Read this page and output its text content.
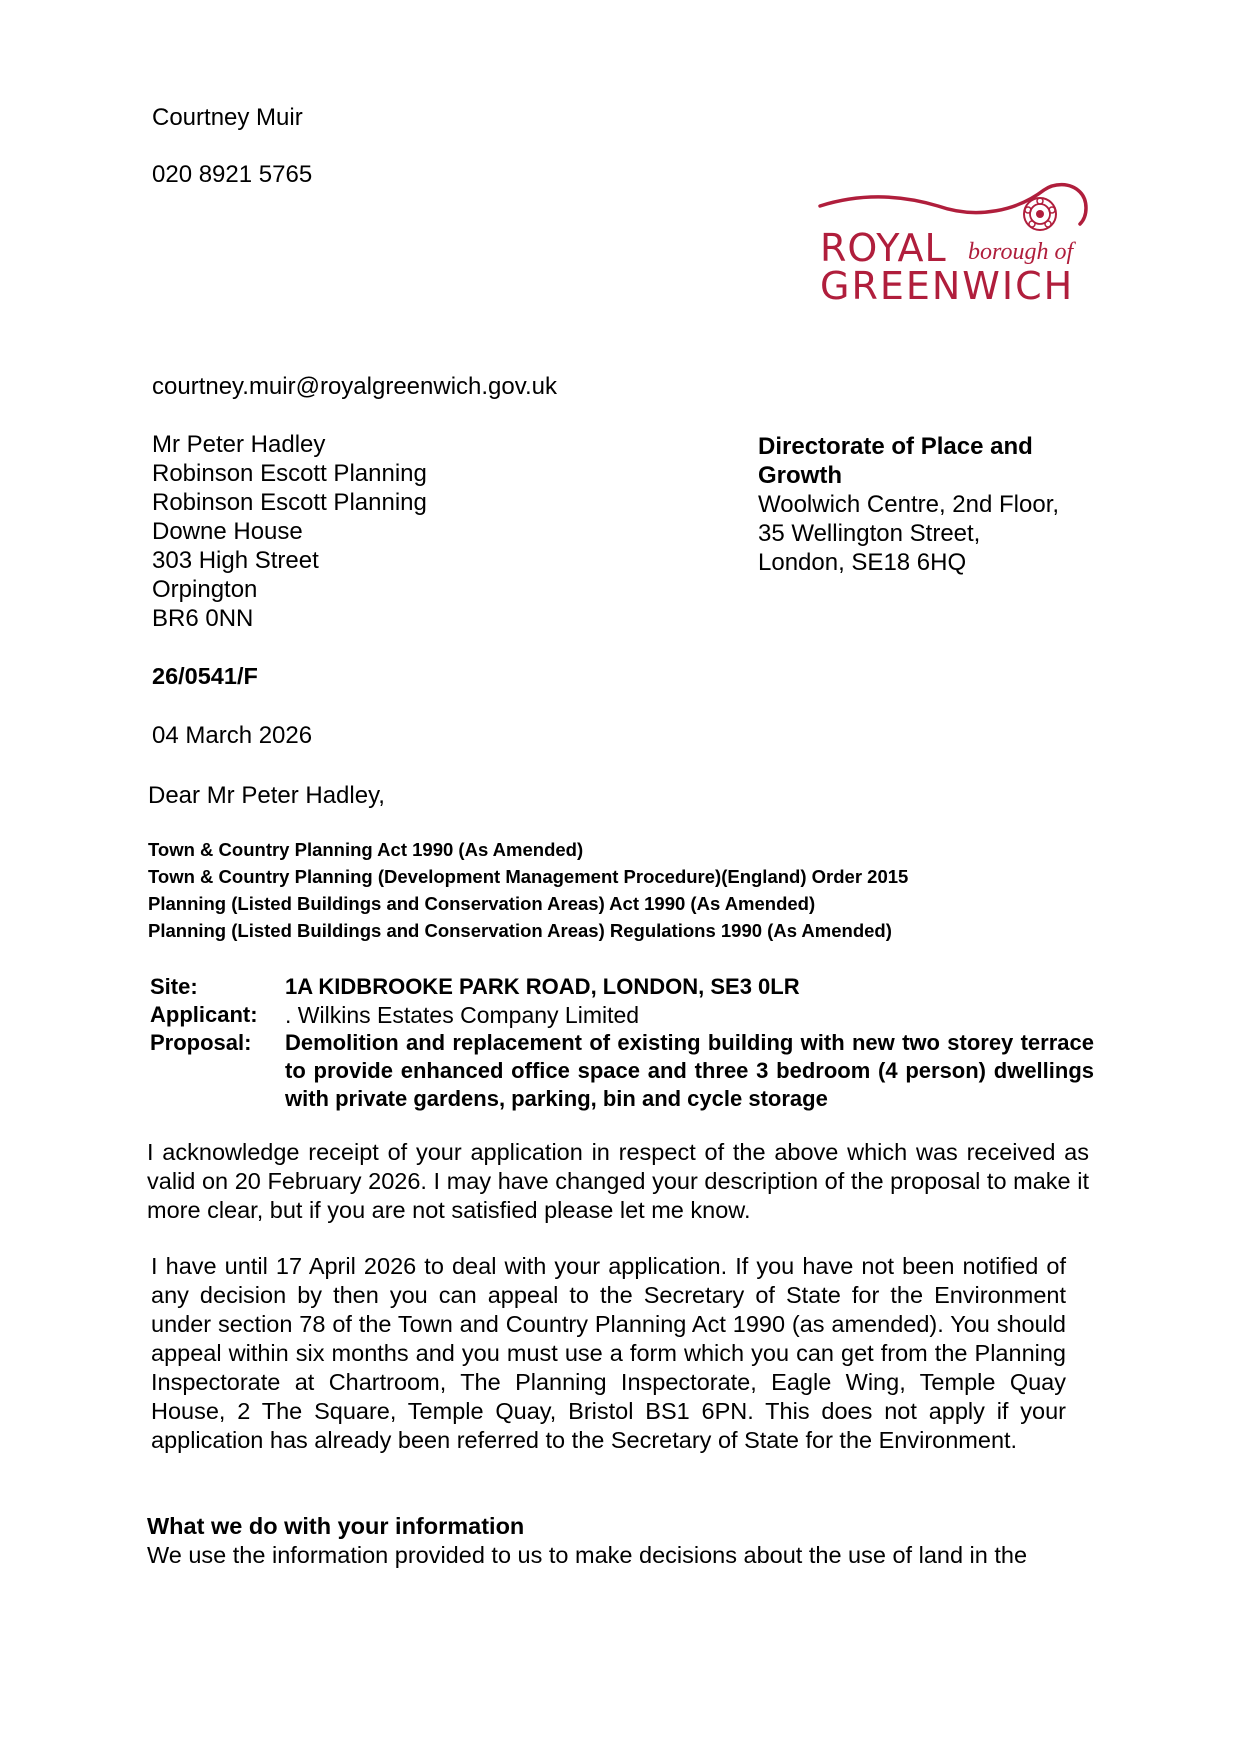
Courtney Muir
020 8921 5765
ROYAL borough of
GREENWICH
courtney.muir@royalgreenwich.gov.uk
Mr Peter Hadley
Robinson Escott Planning
Robinson Escott Planning
Downe House
303 High Street
Orpington
BR6 0NN
Directorate of Place and
Growth
Woolwich Centre, 2nd Floor,
35 Wellington Street,
London, SE18 6HQ
26/0541/F
04 March 2026
Dear Mr Peter Hadley,
Town & Country Planning Act 1990 (As Amended)
Town & Country Planning (Development Management Procedure)(England) Order 2015
Planning (Listed Buildings and Conservation Areas) Act 1990 (As Amended)
Planning (Listed Buildings and Conservation Areas) Regulations 1990 (As Amended)
Site:	1A KIDBROOKE PARK ROAD, LONDON, SE3 0LR
Applicant: . Wilkins Estates Company Limited
Proposal: Demolition and replacement of existing building with new two storey terrace to provide enhanced office space and three 3 bedroom (4 person) dwellings with private gardens, parking, bin and cycle storage
I acknowledge receipt of your application in respect of the above which was received as valid on 20 February 2026. I may have changed your description of the proposal to make it more clear, but if you are not satisfied please let me know.
I have until 17 April 2026 to deal with your application. If you have not been notified of any decision by then you can appeal to the Secretary of State for the Environment under section 78 of the Town and Country Planning Act 1990 (as amended). You should appeal within six months and you must use a form which you can get from the Planning Inspectorate at Chartroom, The Planning Inspectorate, Eagle Wing, Temple Quay House, 2 The Square, Temple Quay, Bristol BS1 6PN. This does not apply if your application has already been referred to the Secretary of State for the Environment.
What we do with your information
We use the information provided to us to make decisions about the use of land in the
